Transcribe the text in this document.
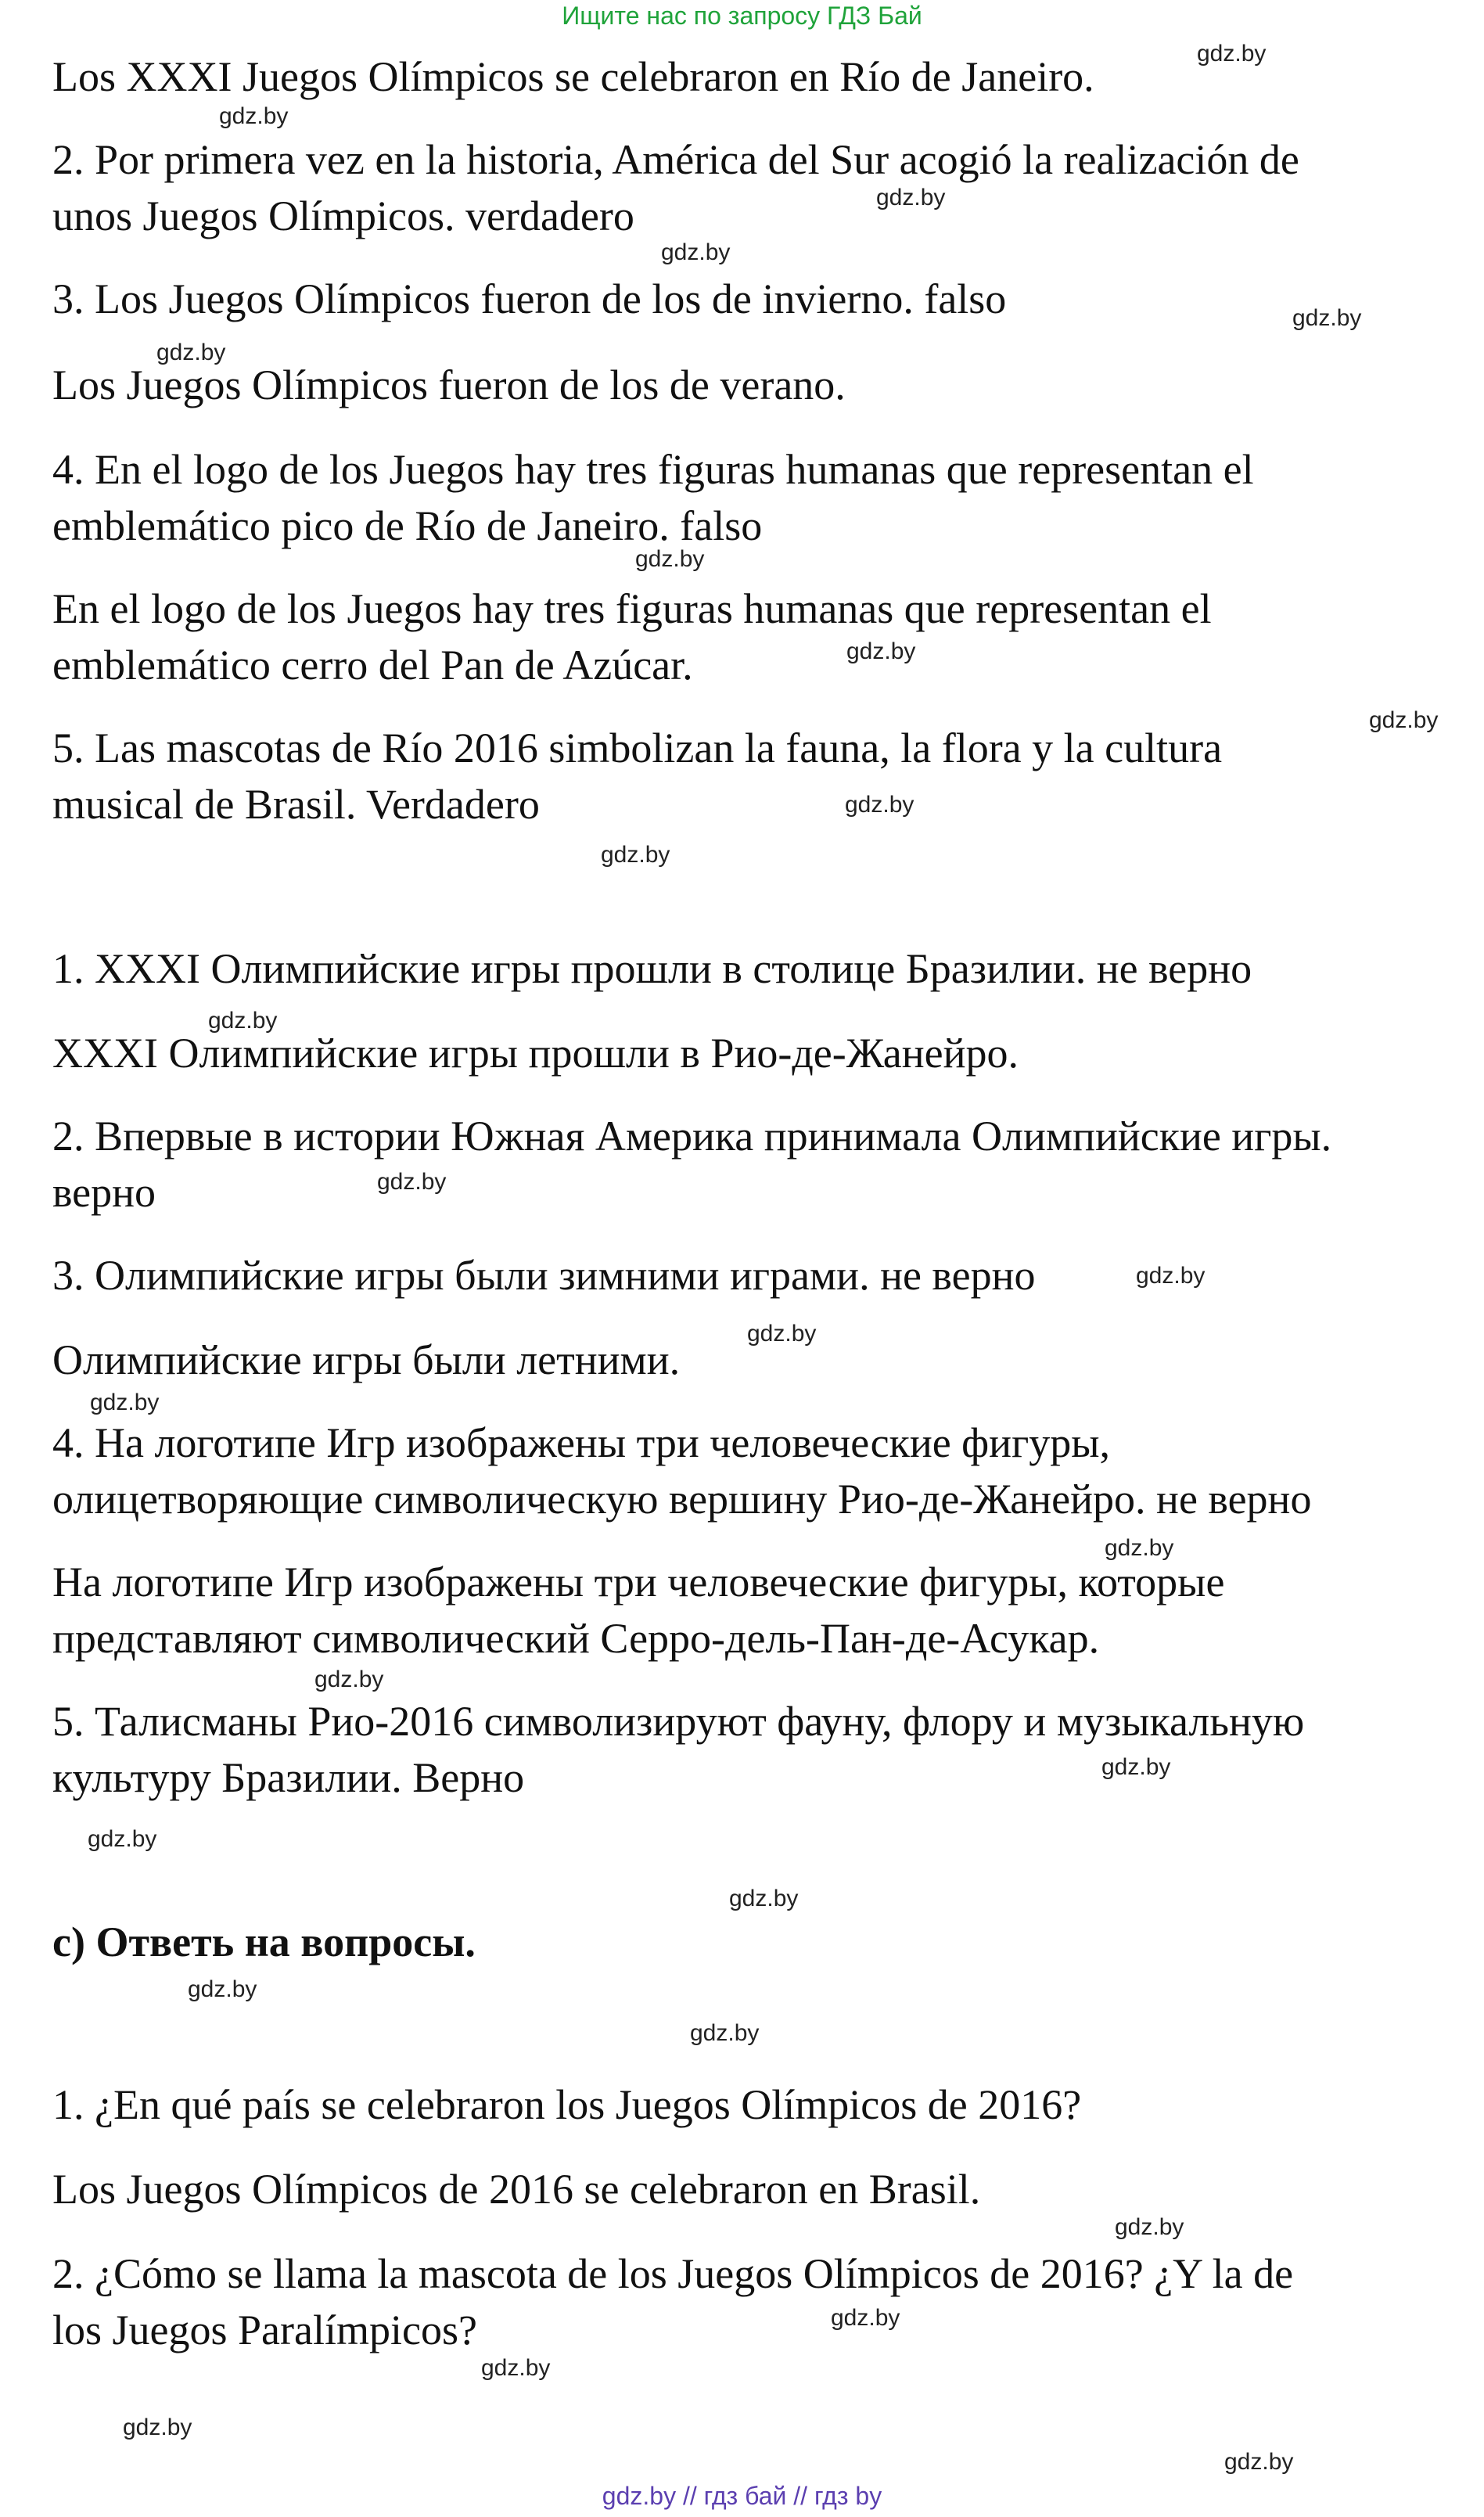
Ищите нас по запросу ГДЗ Бай

Los XXXI Juegos Olímpicos se celebraron en Río de Janeiro.

2. Por primera vez en la historia, América del Sur acogió la realización de

unos Juegos Olímpicos. verdadero

3. Los Juegos Olímpicos fueron de los de invierno. falso

Los Juegos Olímpicos fueron de los de verano.

4. En el logo de los Juegos hay tres figuras humanas que representan el

emblemático pico de Río de Janeiro. falso

En el logo de los Juegos hay tres figuras humanas que representan el

emblemático cerro del Pan de Azúcar.

5. Las mascotas de Río 2016 simbolizan la fauna, la flora y la cultura

musical de Brasil. Verdadero

1. XXXI Олимпийские игры прошли в столице Бразилии. не верно

XXXI Олимпийские игры прошли в Рио-де-Жанейро.

2. Впервые в истории Южная Америка принимала Олимпийские игры.

верно

3. Олимпийские игры были зимними играми. не верно

Олимпийские игры были летними.

4. На логотипе Игр изображены три человеческие фигуры,

олицетворяющие символическую вершину Рио-де-Жанейро. не верно

На логотипе Игр изображены три человеческие фигуры, которые

представляют символический Серро-дель-Пан-де-Асукар.

5. Талисманы Рио-2016 символизируют фауну, флору и музыкальную

культуру Бразилии. Верно

c) Ответь на вопросы.

1. ¿En qué país se celebraron los Juegos Olímpicos de 2016?

Los Juegos Olímpicos de 2016 se celebraron en Brasil.

2. ¿Cómo se llama la mascota de los Juegos Olímpicos de 2016? ¿Y la de

los Juegos Paralímpicos?

gdz.by
gdz.by
gdz.by
gdz.by
gdz.by
gdz.by
gdz.by
gdz.by
gdz.by
gdz.by
gdz.by
gdz.by
gdz.by
gdz.by
gdz.by
gdz.by
gdz.by
gdz.by
gdz.by
gdz.by
gdz.by
gdz.by
gdz.by
gdz.by
gdz.by
gdz.by
gdz.by
gdz.by
gdz.by // гдз бай // гдз by
